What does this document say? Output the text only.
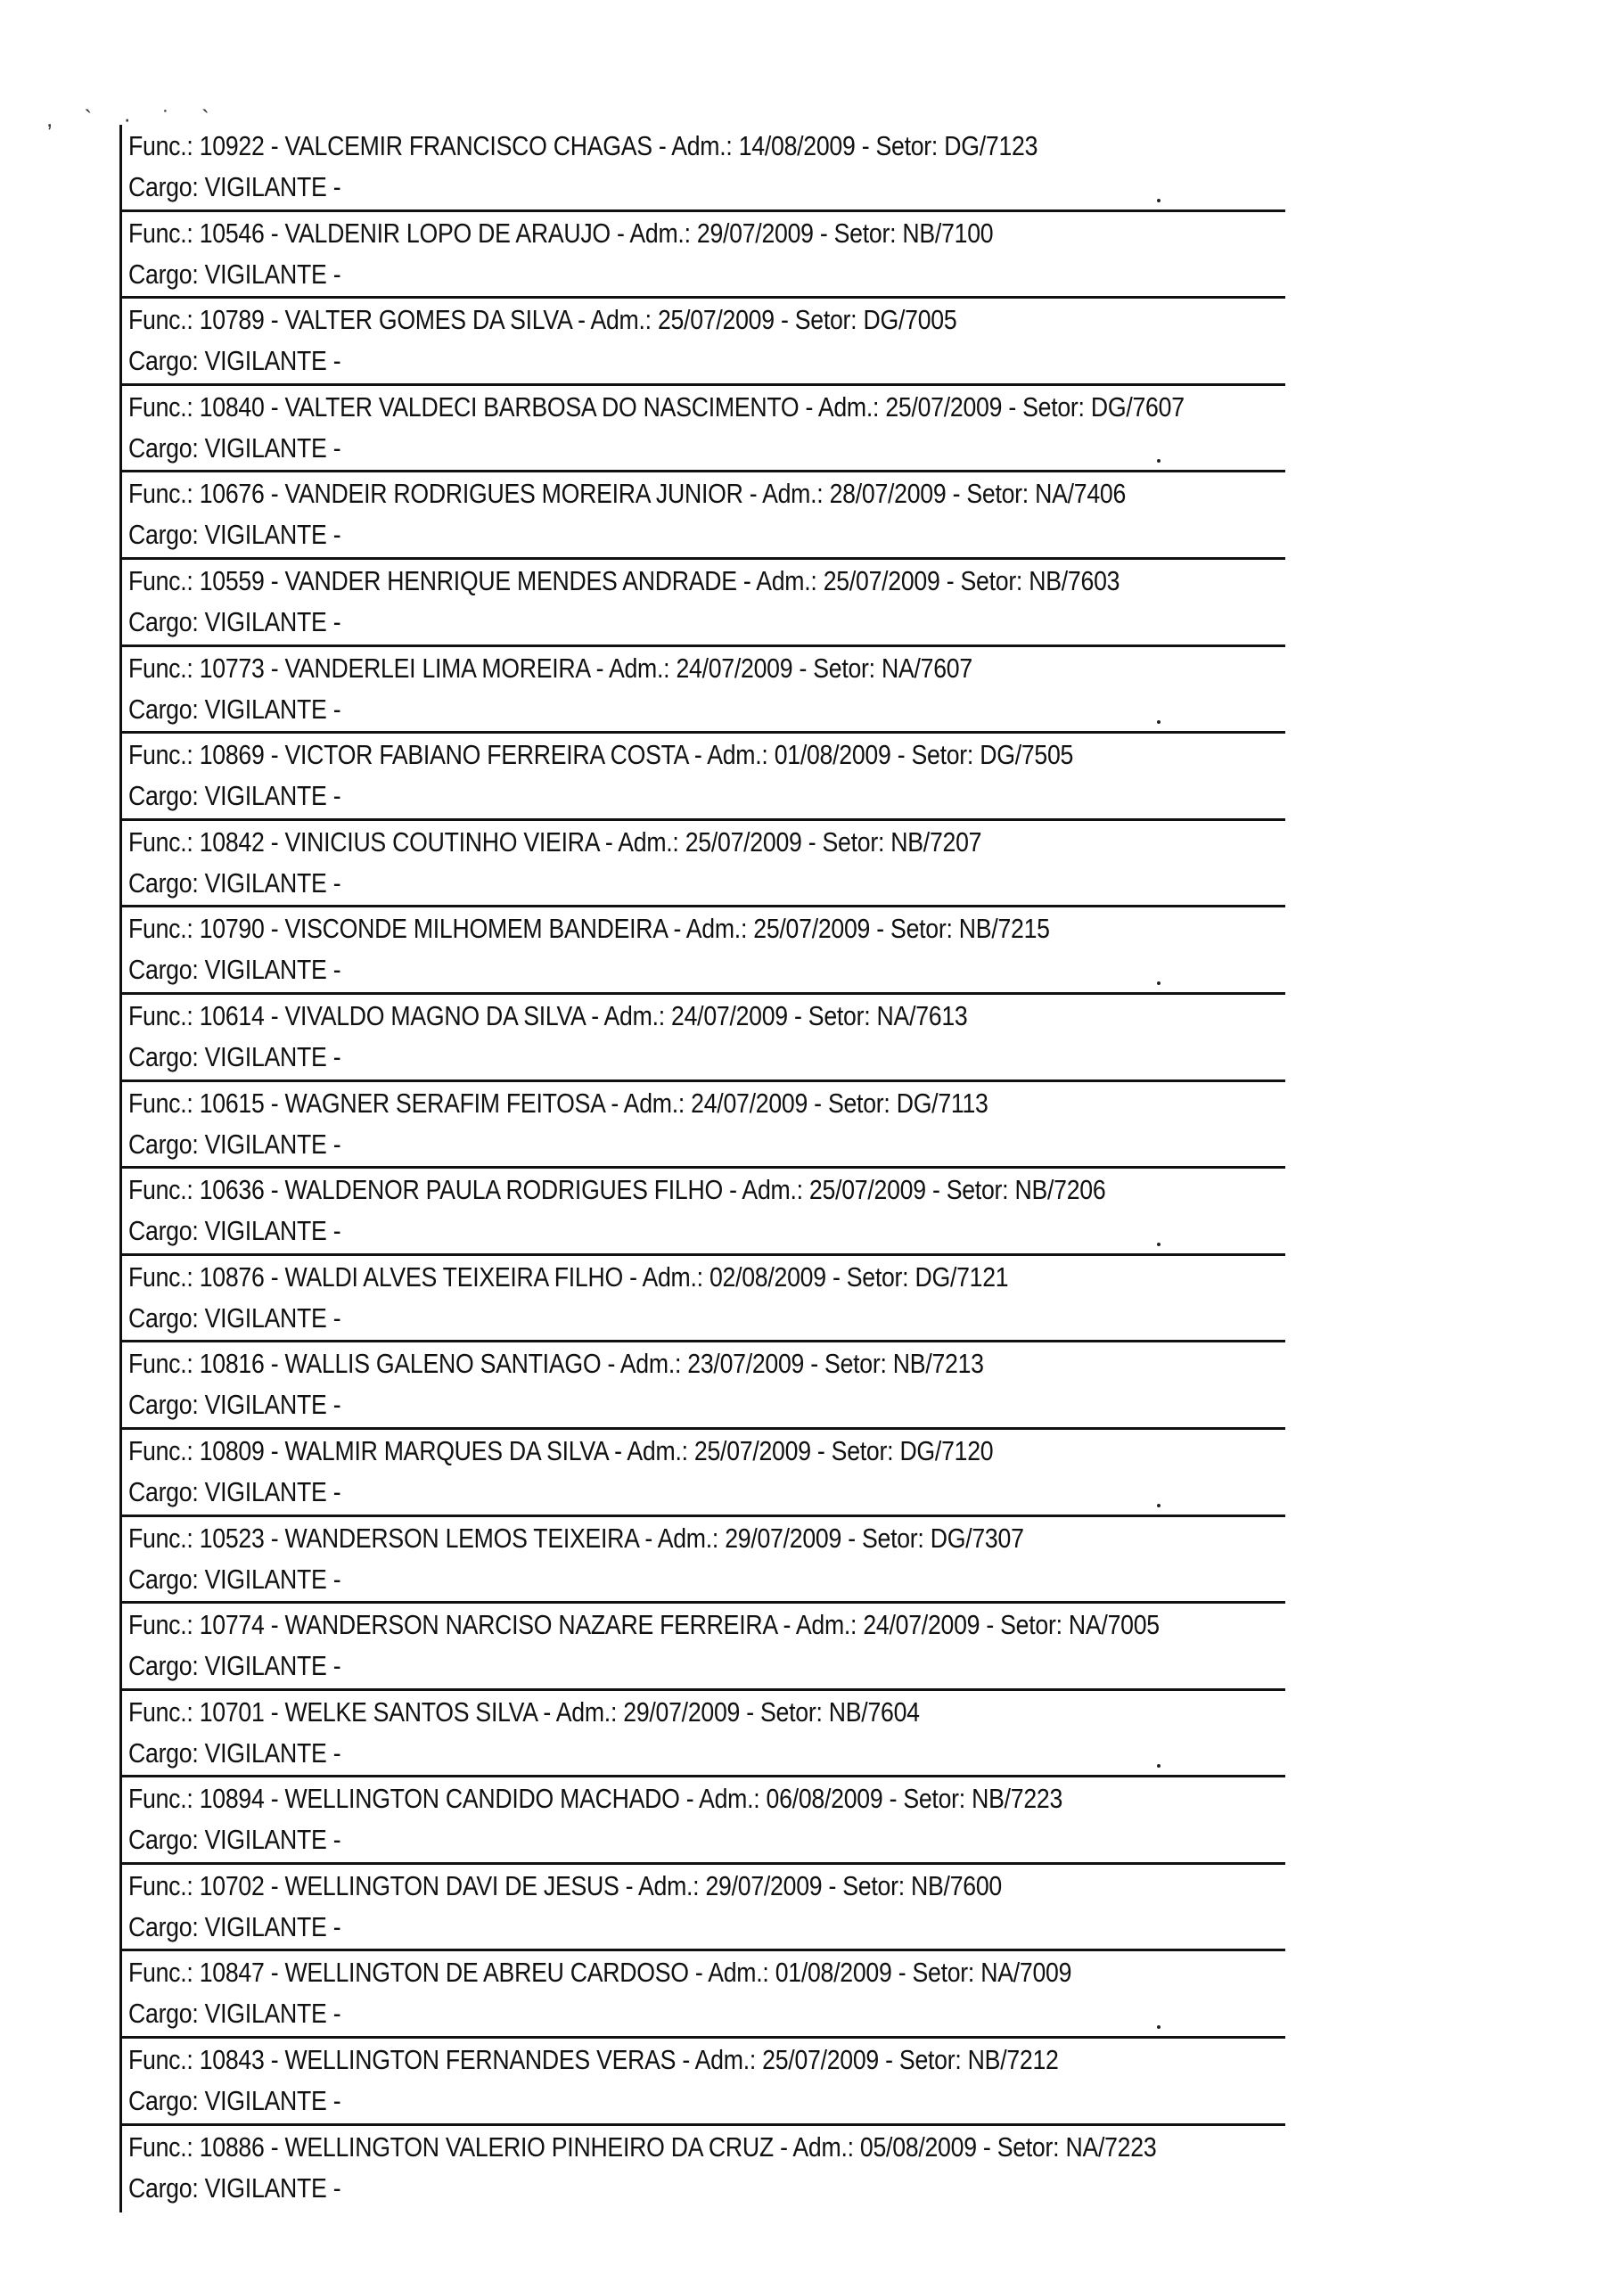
, ` · ˙ `
Func.: 10922 - VALCEMIR FRANCISCO CHAGAS - Adm.: 14/08/2009 - Setor: DG/7123
Cargo: VIGILANTE -
Func.: 10546 - VALDENIR LOPO DE ARAUJO - Adm.: 29/07/2009 - Setor: NB/7100
Cargo: VIGILANTE -
Func.: 10789 - VALTER GOMES DA SILVA - Adm.: 25/07/2009 - Setor: DG/7005
Cargo: VIGILANTE -
Func.: 10840 - VALTER VALDECI BARBOSA DO NASCIMENTO - Adm.: 25/07/2009 - Setor: DG/7607
Cargo: VIGILANTE -
Func.: 10676 - VANDEIR RODRIGUES MOREIRA JUNIOR - Adm.: 28/07/2009 - Setor: NA/7406
Cargo: VIGILANTE -
Func.: 10559 - VANDER HENRIQUE MENDES ANDRADE - Adm.: 25/07/2009 - Setor: NB/7603
Cargo: VIGILANTE -
Func.: 10773 - VANDERLEI LIMA MOREIRA - Adm.: 24/07/2009 - Setor: NA/7607
Cargo: VIGILANTE -
Func.: 10869 - VICTOR FABIANO FERREIRA COSTA - Adm.: 01/08/2009 - Setor: DG/7505
Cargo: VIGILANTE -
Func.: 10842 - VINICIUS COUTINHO VIEIRA - Adm.: 25/07/2009 - Setor: NB/7207
Cargo: VIGILANTE -
Func.: 10790 - VISCONDE MILHOMEM BANDEIRA - Adm.: 25/07/2009 - Setor: NB/7215
Cargo: VIGILANTE -
Func.: 10614 - VIVALDO MAGNO DA SILVA - Adm.: 24/07/2009 - Setor: NA/7613
Cargo: VIGILANTE -
Func.: 10615 - WAGNER SERAFIM FEITOSA - Adm.: 24/07/2009 - Setor: DG/7113
Cargo: VIGILANTE -
Func.: 10636 - WALDENOR PAULA RODRIGUES FILHO - Adm.: 25/07/2009 - Setor: NB/7206
Cargo: VIGILANTE -
Func.: 10876 - WALDI ALVES TEIXEIRA FILHO - Adm.: 02/08/2009 - Setor: DG/7121
Cargo: VIGILANTE -
Func.: 10816 - WALLIS GALENO SANTIAGO - Adm.: 23/07/2009 - Setor: NB/7213
Cargo: VIGILANTE -
Func.: 10809 - WALMIR MARQUES DA SILVA - Adm.: 25/07/2009 - Setor: DG/7120
Cargo: VIGILANTE -
Func.: 10523 - WANDERSON LEMOS TEIXEIRA - Adm.: 29/07/2009 - Setor: DG/7307
Cargo: VIGILANTE -
Func.: 10774 - WANDERSON NARCISO NAZARE FERREIRA - Adm.: 24/07/2009 - Setor: NA/7005
Cargo: VIGILANTE -
Func.: 10701 - WELKE SANTOS SILVA - Adm.: 29/07/2009 - Setor: NB/7604
Cargo: VIGILANTE -
Func.: 10894 - WELLINGTON CANDIDO MACHADO - Adm.: 06/08/2009 - Setor: NB/7223
Cargo: VIGILANTE -
Func.: 10702 - WELLINGTON DAVI DE JESUS - Adm.: 29/07/2009 - Setor: NB/7600
Cargo: VIGILANTE -
Func.: 10847 - WELLINGTON DE ABREU CARDOSO - Adm.: 01/08/2009 - Setor: NA/7009
Cargo: VIGILANTE -
Func.: 10843 - WELLINGTON FERNANDES VERAS - Adm.: 25/07/2009 - Setor: NB/7212
Cargo: VIGILANTE -
Func.: 10886 - WELLINGTON VALERIO PINHEIRO DA CRUZ - Adm.: 05/08/2009 - Setor: NA/7223
Cargo: VIGILANTE -
